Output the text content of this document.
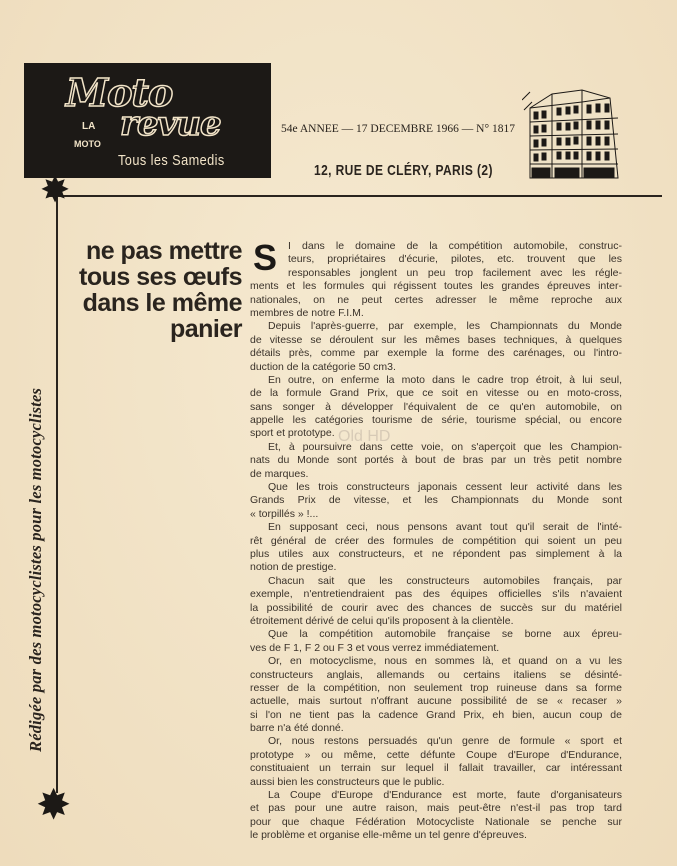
Moto
revue
LA
MOTO
Tous les Samedis
54e ANNEE — 17 DECEMBRE 1966 — N° 1817
12, RUE DE CLÉRY, PARIS (2)
✸
✸
Rédigée par des motocyclistes pour les motocyclistes
ne pas mettre
tous ses œufs
dans le même
panier
S	I dans le domaine de la compétition automobile, construc-
teurs, propriétaires d'écurie, pilotes, etc. trouvent que les
responsables jonglent un peu trop facilement avec les régle-
ments et les formules qui régissent toutes les grandes épreuves inter-
nationales, on ne peut certes adresser le même reproche aux
membres de notre F.I.M.
Depuis l'après-guerre, par exemple, les Championnats du Monde
de vitesse se déroulent sur les mêmes bases techniques, à quelques
détails près, comme par exemple la forme des carénages, ou l'intro-
duction de la catégorie 50 cm3.
En outre, on enferme la moto dans le cadre trop étroit, à lui seul,
de la formule Grand Prix, que ce soit en vitesse ou en moto-cross,
sans songer à développer l'équivalent de ce qu'en automobile, on
appelle les catégories tourisme de série, tourisme spécial, ou encore
sport et prototype.
Et, à poursuivre dans cette voie, on s'aperçoit que les Champion-
nats du Monde sont portés à bout de bras par un très petit nombre
de marques.
Que les trois constructeurs japonais cessent leur activité dans les
Grands Prix de vitesse, et les Championnats du Monde sont
« torpillés » !...
En supposant ceci, nous pensons avant tout qu'il serait de l'inté-
rêt général de créer des formules de compétition qui soient un peu
plus utiles aux constructeurs, et ne répondent pas simplement à la
notion de prestige.
Chacun sait que les constructeurs automobiles français, par
exemple, n'entretiendraient pas des équipes officielles s'ils n'avaient
la possibilité de courir avec des chances de succès sur du matériel
étroitement dérivé de celui qu'ils proposent à la clientèle.
Que la compétition automobile française se borne aux épreu-
ves de F 1, F 2 ou F 3 et vous verrez immédiatement.
Or, en motocyclisme, nous en sommes là, et quand on a vu les
constructeurs anglais, allemands ou certains italiens se désinté-
resser de la compétition, non seulement trop ruineuse dans sa forme
actuelle, mais surtout n'offrant aucune possibilité de se « recaser »
si l'on ne tient pas la cadence Grand Prix, eh bien, aucun coup de
barre n'a été donné.
Or, nous restons persuadés qu'un genre de formule « sport et
prototype » ou même, cette défunte Coupe d'Europe d'Endurance,
constituaient un terrain sur lequel il fallait travailler, car intéressant
aussi bien les constructeurs que le public.
La Coupe d'Europe d'Endurance est morte, faute d'organisateurs
et pas pour une autre raison, mais peut-être n'est-il pas trop tard
pour que chaque Fédération Motocycliste Nationale se penche sur
le problème et organise elle-même un tel genre d'épreuves.
Old HD
